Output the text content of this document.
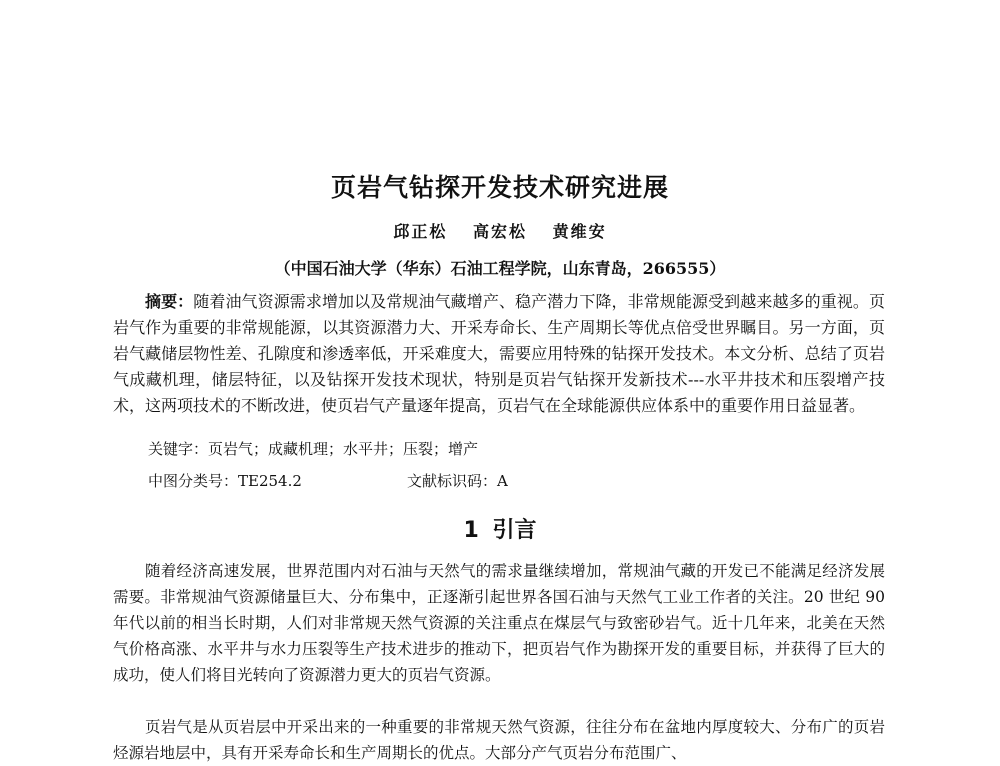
页岩气钻探开发技术研究进展
邱正松 高宏松 黄维安
（中国石油大学（华东）石油工程学院，山东青岛，266555）

摘要：随着油气资源需求增加以及常规油气藏增产、稳产潜力下降，非常规能源受到越来越多的重视。页岩气作为重要的非常规能源，以其资源潜力大、开采寿命长、生产周期长等优点倍受世界瞩目。另一方面，页岩气藏储层物性差、孔隙度和渗透率低，开采难度大，需要应用特殊的钻探开发技术。本文分析、总结了页岩气成藏机理，储层特征，以及钻探开发技术现状，特别是页岩气钻探开发新技术---水平井技术和压裂增产技术，这两项技术的不断改进，使页岩气产量逐年提高，页岩气在全球能源供应体系中的重要作用日益显著。

关键字：页岩气；成藏机理；水平井；压裂；增产
中图分类号：TE254.2	文献标识码：A
1 引言

随着经济高速发展，世界范围内对石油与天然气的需求量继续增加，常规油气藏的开发已不能满足经济发展需要。非常规油气资源储量巨大、分布集中，正逐渐引起世界各国石油与天然气工业工作者的关注。20 世纪 90 年代以前的相当长时期，人们对非常规天然气资源的关注重点在煤层气与致密砂岩气。近十几年来，北美在天然气价格高涨、水平井与水力压裂等生产技术进步的推动下，把页岩气作为勘探开发的重要目标，并获得了巨大的成功，使人们将目光转向了资源潜力更大的页岩气资源。

页岩气是从页岩层中开采出来的一种重要的非常规天然气资源，往往分布在盆地内厚度较大、分布广的页岩烃源岩地层中，具有开采寿命长和生产周期长的优点。大部分产气页岩分布范围广、
